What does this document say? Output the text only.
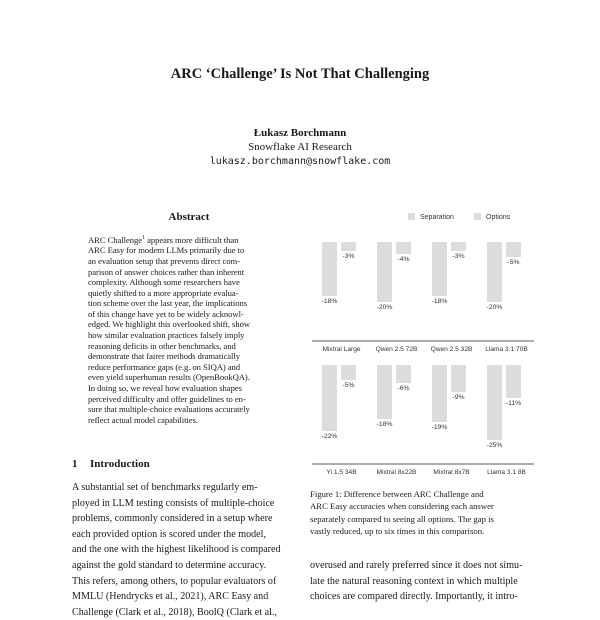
ARC ‘Challenge’ Is Not That Challenging
Łukasz Borchmann
Snowflake AI Research
lukasz.borchmann@snowflake.com
Abstract
ARC Challenge$^1$ appears more difficult than
ARC Easy for modern LLMs primarily due to
an evaluation setup that prevents direct com-
parison of answer choices rather than inherent
complexity. Although some researchers have
quietly shifted to a more appropriate evalua-
tion scheme over the last year, the implications
of this change have yet to be widely acknowl-
edged. We highlight this overlooked shift, show
how similar evaluation practices falsely imply
reasoning deficits in other benchmarks, and
demonstrate that fairer methods dramatically
reduce performance gaps (e.g. on SIQA) and
even yield superhuman results (OpenBookQA).
In doing so, we reveal how evaluation shapes
perceived difficulty and offer guidelines to en-
sure that multiple-choice evaluations accurately
reflect actual model capabilities.
1 Introduction
A substantial set of benchmarks regularly em-
ployed in LLM testing consists of multiple-choice
problems, commonly considered in a setup where
each provided option is scored under the model,
and the one with the highest likelihood is compared
against the gold standard to determine accuracy.
This refers, among others, to popular evaluators of
MMLU (Hendrycks et al., 2021), ARC Easy and
Challenge (Clark et al., 2018), BoolQ (Clark et al.,
Separation	Options
-18%
-3%
Mixtral Large
-20%
-4%
Qwen 2.5 72B
-18%
-3%
Qwen 2.5 32B
-20%
-5%
Llama 3.1 70B
-22%
-5%
Yi 1.5 34B
-18%
-6%
Mixtral 8x22B
-19%
-9%
Mixtral 8x7B
-25%
-11%
Llama 3.1 8B
Figure 1: Difference between ARC Challenge and
ARC Easy accuracies when considering each answer
separately compared to seeing all options. The gap is
vastly reduced, up to six times in this comparison.
overused and rarely preferred since it does not simu-
late the natural reasoning context in which multiple
choices are compared directly. Importantly, it intro-
